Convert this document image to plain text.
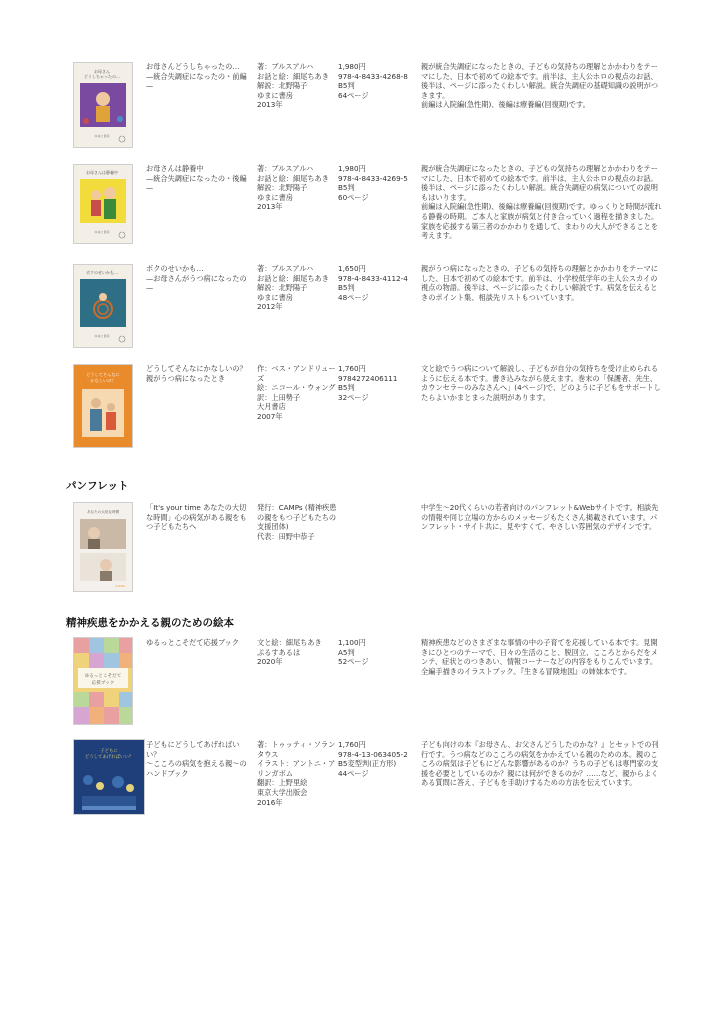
お母さん
どうしちゃったの…
ゆまに書房
お母さんどうしちゃったの…
—統合失調症になったの・前編—
著：ブルスアルハ
お話と絵：細尾ちあき
解説：北野陽子
ゆまに書房
2013年
1,980円
978-4-8433-4268-8
B5判
64ページ
親が統合失調症になったときの、子どもの気持ちの理解とかかわりをテーマにした、日本で初めての絵本です。前半は、主人公ホロの視点のお話、後半は、ページに添ったくわしい解説。統合失調症の基礎知識の説明がつきます。
前編は入院編(急性期)、後編は療養編(回復期)です。
お母さんは静養中
ゆまに書房
お母さんは静養中
—統合失調症になったの・後編—
著：ブルスアルハ
お話と絵：細尾ちあき
解説：北野陽子
ゆまに書房
2013年
1,980円
978-4-8433-4269-5
B5判
60ページ
親が統合失調症になったときの、子どもの気持ちの理解とかかわりをテーマにした、日本で初めての絵本です。前半は、主人公ホロの視点のお話。後半は、ページに添ったくわしい解説。統合失調症の病気についての説明もはいります。
前編は入院編(急性期)、後編は療養編(回復期)です。ゆっくりと時間が流れる静養の時期。ご本人と家族が病気と付き合っていく過程を描きました。家族を応援する第三者のかかわりを通して、まわりの大人ができることを考えます。
ボクのせいかも…
ゆまに書房
ボクのせいかも…
—お母さんがうつ病になったの—
著：ブルスアルハ
お話と絵：細尾ちあき
解説：北野陽子
ゆまに書房
2012年
1,650円
978-4-8433-4112-4
B5判
48ページ
親がうつ病になったときの、子どもの気持ちの理解とかかわりをテーマにした、日本で初めての絵本です。前半は、小学校低学年の主人公スカイの視点の物語。後半は、ページに添ったくわしい解説です。病気を伝えるときのポイント集、相談先リストもついています。
どうしてそんなに
かなしいの？
どうしてそんなにかなしいの？
親がうつ病になったとき
作：ベス・アンドリューズ
絵：ニコール・ウォング
訳：上田勢子
大月書店
2007年
1,760円
9784272406111
B5判
32ページ
文と絵でうつ病について解説し、子どもが自分の気持ちを受け止められるように伝える本です。書き込みながら使えます。巻末の「保護者、先生、カウンセラーのみなさんへ」(4ページ)で、どのように子どもをサポートしたらよいかまとまった説明があります。
パンフレット
あなたの大切な時間
CAMPs
「It's your time あなたの大切な時間」心の病気がある親をもつ子どもたちへ
発行：CAMPs (精神疾患の親をもつ子どもたちの支援団体)
代表：田野中恭子
中学生〜20代くらいの若者向けのパンフレット&Webサイトです。相談先の情報や同じ立場の方からのメッセージもたくさん掲載されています。パンフレット・サイト共に、見やすくて、やさしい雰囲気のデザインです。
精神疾患をかかえる親のための絵本
ゆるっとこそだて
応援ブック
ゆるっとこそだて応援ブック	文と絵：細尾ちあき
ぷるすあるは
2020年
1,100円
A5判
52ページ
精神疾患などのさまざまな事情の中の子育てを応援している本です。見開きにひとつのテーマで、日々の生活のこと、脱回立、こころとからだをメンテ、症状とのつきあい、情報コーナーなどの内容をもりこんでいます。全編手描きのイラストブック。『生きる冒険地図』の姉妹本です。
子どもに
どうしてあげればいい？
子どもにどうしてあげればいい？
〜こころの病気を抱える親〜のハンドブック
著：トゥッティ・ソランタウス
イラスト：アントニ・アリンガボム
翻訳：上野里絵
東京大学出版会
2016年
1,760円
978-4-13-063405-2
B5変型判(正方形)
44ページ
子ども向けの本『お母さん、お父さんどうしたのかな？』とセットでの刊行です。うつ病などのこころの病気をかかえている親のための本。親のこころの病気は子どもにどんな影響があるのか？うちの子どもは専門家の支援を必要としているのか？親には何ができるのか？……など、親からよくある質問に答え、子どもを手助けするための方法を伝えています。
